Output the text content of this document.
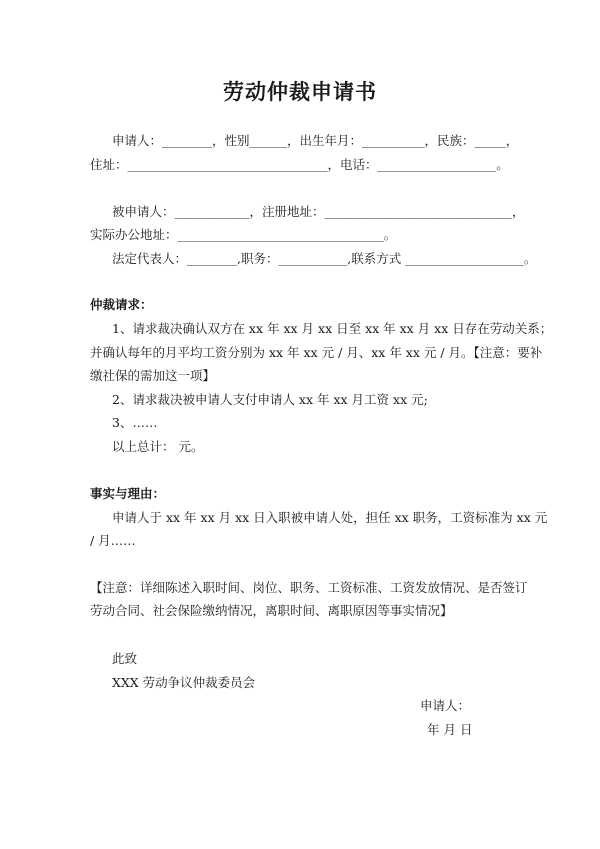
劳动仲裁申请书
申请人：________，性别______，出生年月：__________，民族：_____，
住址：________________________________，电话：___________________。
被申请人：____________，注册地址：______________________________，
实际办公地址：_________________________________。
法定代表人：________,职务：___________,联系方式 ___________________。
仲裁请求：
1、请求裁决确认双方在 xx 年 xx 月 xx 日至 xx 年 xx 月 xx 日存在劳动关系；
并确认每年的月平均工资分别为 xx 年 xx 元 / 月、xx 年 xx 元 / 月。【注意：要补
缴社保的需加这一项】
2、请求裁决被申请人支付申请人 xx 年 xx 月工资 xx 元;
3、……
以上总计： 元。
事实与理由：
申请人于 xx 年 xx 月 xx 日入职被申请人处，担任 xx 职务，工资标准为 xx 元
/ 月……
【注意：详细陈述入职时间、岗位、职务、工资标准、工资发放情况、是否签订
劳动合同、社会保险缴纳情况，离职时间、离职原因等事实情况】
此致
XXX 劳动争议仲裁委员会
申请人：
年 月 日
